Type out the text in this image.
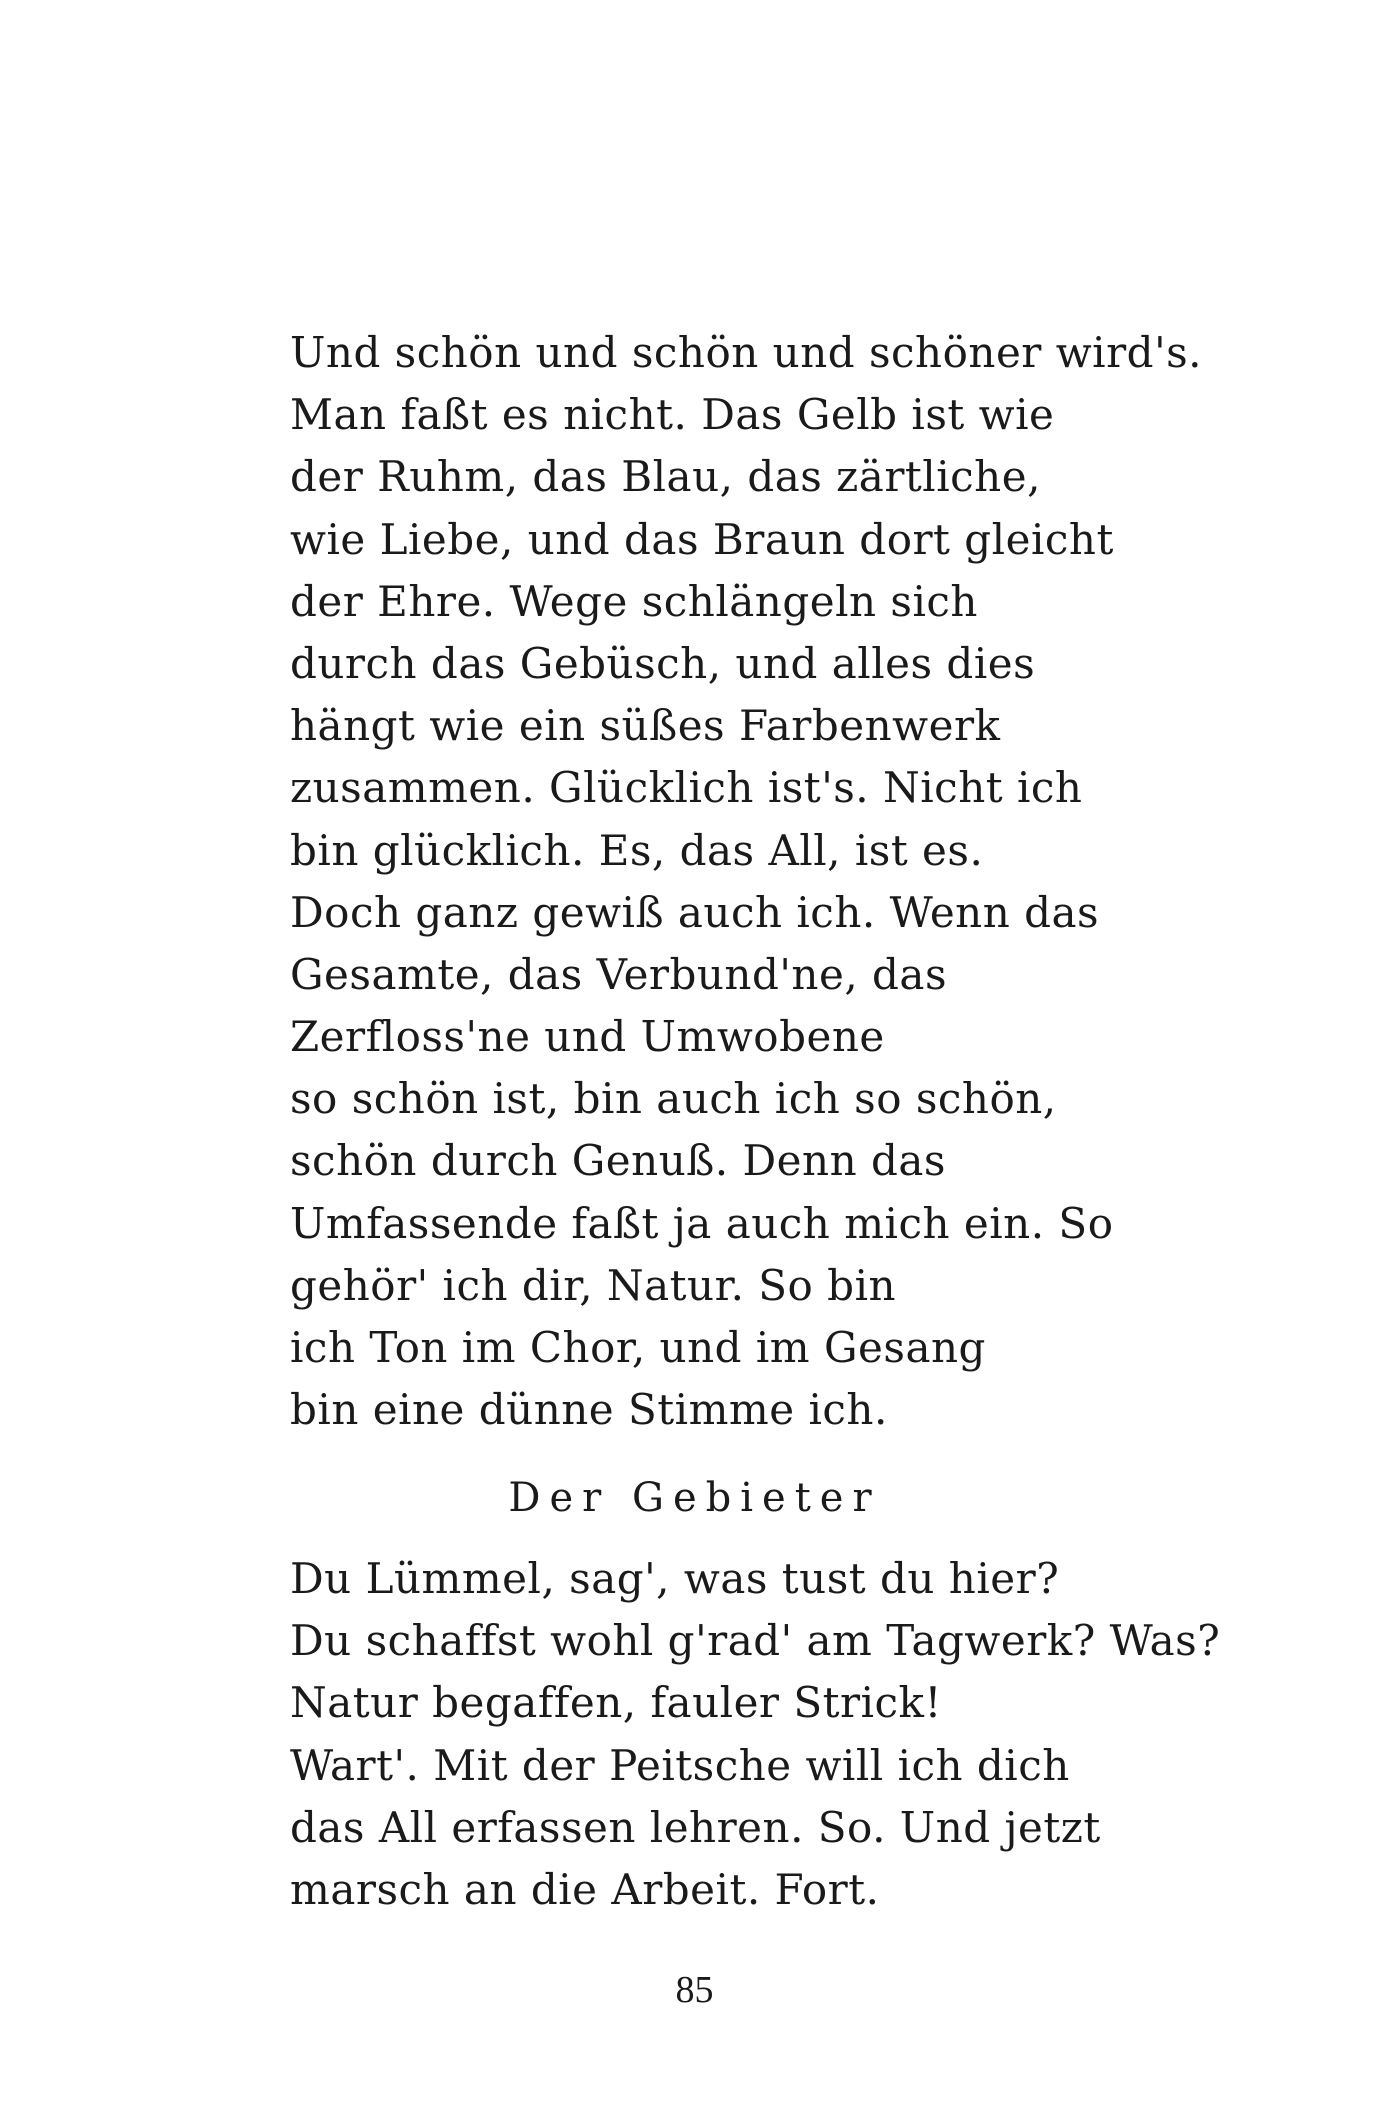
Und schön und schön und schöner wird's.
Man faßt es nicht. Das Gelb ist wie
der Ruhm, das Blau, das zärtliche,
wie Liebe, und das Braun dort gleicht
der Ehre. Wege schlängeln sich
durch das Gebüsch, und alles dies
hängt wie ein süßes Farbenwerk
zusammen. Glücklich ist's. Nicht ich
bin glücklich. Es, das All, ist es.
Doch ganz gewiß auch ich. Wenn das
Gesamte, das Verbund'ne, das
Zerfloss'ne und Umwobene
so schön ist, bin auch ich so schön,
schön durch Genuß. Denn das
Umfassende faßt ja auch mich ein. So
gehör' ich dir, Natur. So bin
ich Ton im Chor, und im Gesang
bin eine dünne Stimme ich.
Der Gebieter
Du Lümmel, sag', was tust du hier?
Du schaffst wohl g'rad' am Tagwerk? Was?
Natur begaffen, fauler Strick!
Wart'. Mit der Peitsche will ich dich
das All erfassen lehren. So. Und jetzt
marsch an die Arbeit. Fort.
85
